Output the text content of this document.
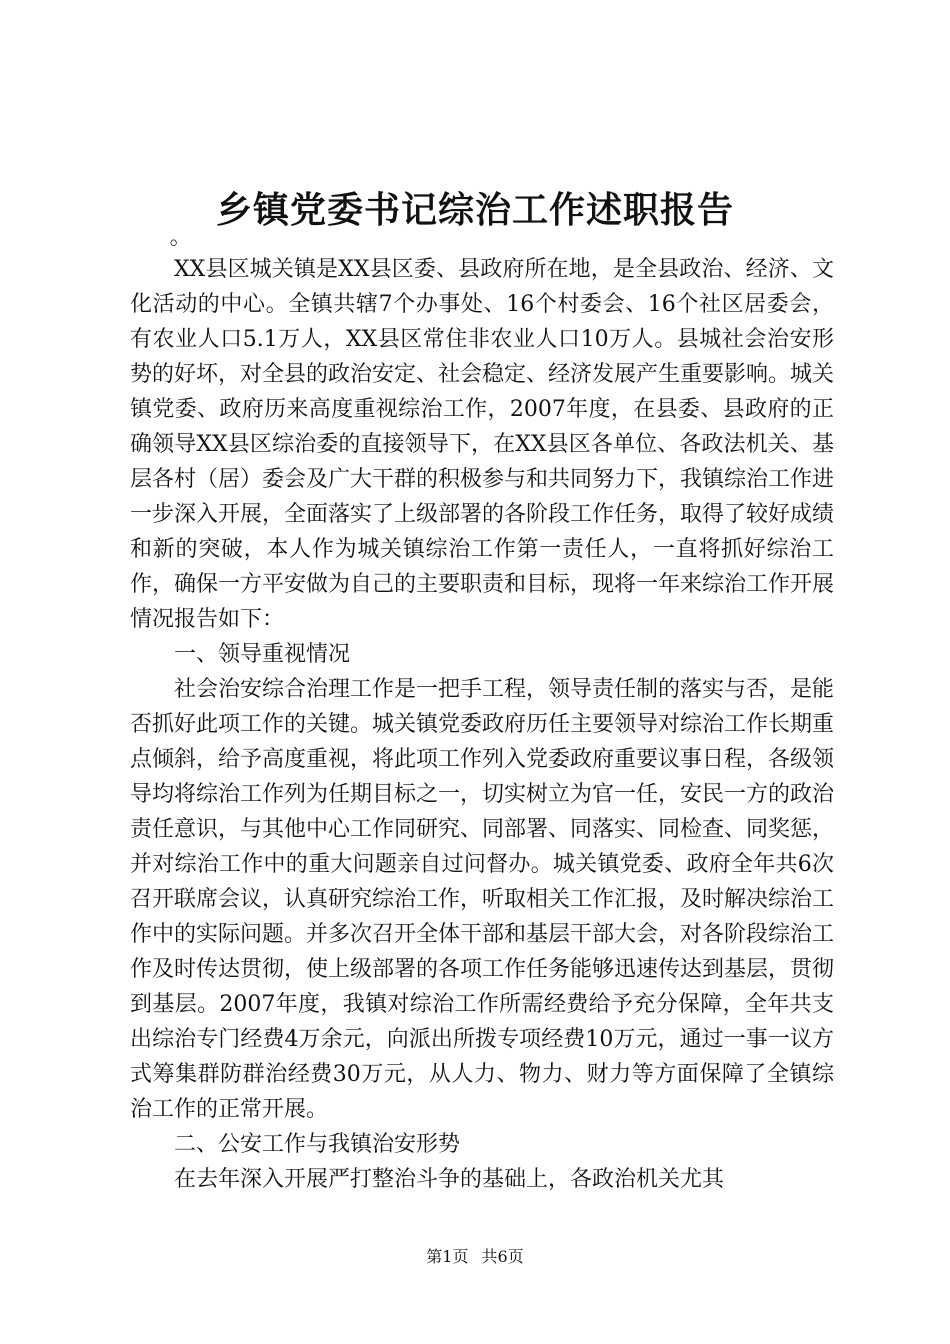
乡镇党委书记综治工作述职报告

。

XX县区城关镇是XX县区委、县政府所在地，是全县政治、经济、文化活动的中心。全镇共辖7个办事处、16个村委会、16个社区居委会，有农业人口5.1万人，XX县区常住非农业人口10万人。县城社会治安形势的好坏，对全县的政治安定、社会稳定、经济发展产生重要影响。城关镇党委、政府历来高度重视综治工作，2007年度，在县委、县政府的正确领导XX县区综治委的直接领导下，在XX县区各单位、各政法机关、基层各村（居）委会及广大干群的积极参与和共同努力下，我镇综治工作进一步深入开展，全面落实了上级部署的各阶段工作任务，取得了较好成绩和新的突破，本人作为城关镇综治工作第一责任人，一直将抓好综治工作，确保一方平安做为自己的主要职责和目标，现将一年来综治工作开展情况报告如下：

一、领导重视情况

社会治安综合治理工作是一把手工程，领导责任制的落实与否，是能否抓好此项工作的关键。城关镇党委政府历任主要领导对综治工作长期重点倾斜，给予高度重视，将此项工作列入党委政府重要议事日程，各级领导均将综治工作列为任期目标之一，切实树立为官一任，安民一方的政治责任意识，与其他中心工作同研究、同部署、同落实、同检查、同奖惩，并对综治工作中的重大问题亲自过问督办。城关镇党委、政府全年共6次召开联席会议，认真研究综治工作，听取相关工作汇报，及时解决综治工作中的实际问题。并多次召开全体干部和基层干部大会，对各阶段综治工作及时传达贯彻，使上级部署的各项工作任务能够迅速传达到基层，贯彻到基层。2007年度，我镇对综治工作所需经费给予充分保障，全年共支出综治专门经费4万余元，向派出所拨专项经费10万元，通过一事一议方式筹集群防群治经费30万元，从人力、物力、财力等方面保障了全镇综治工作的正常开展。

二、公安工作与我镇治安形势

在去年深入开展严打整治斗争的基础上，各政治机关尤其

第1页 共6页
